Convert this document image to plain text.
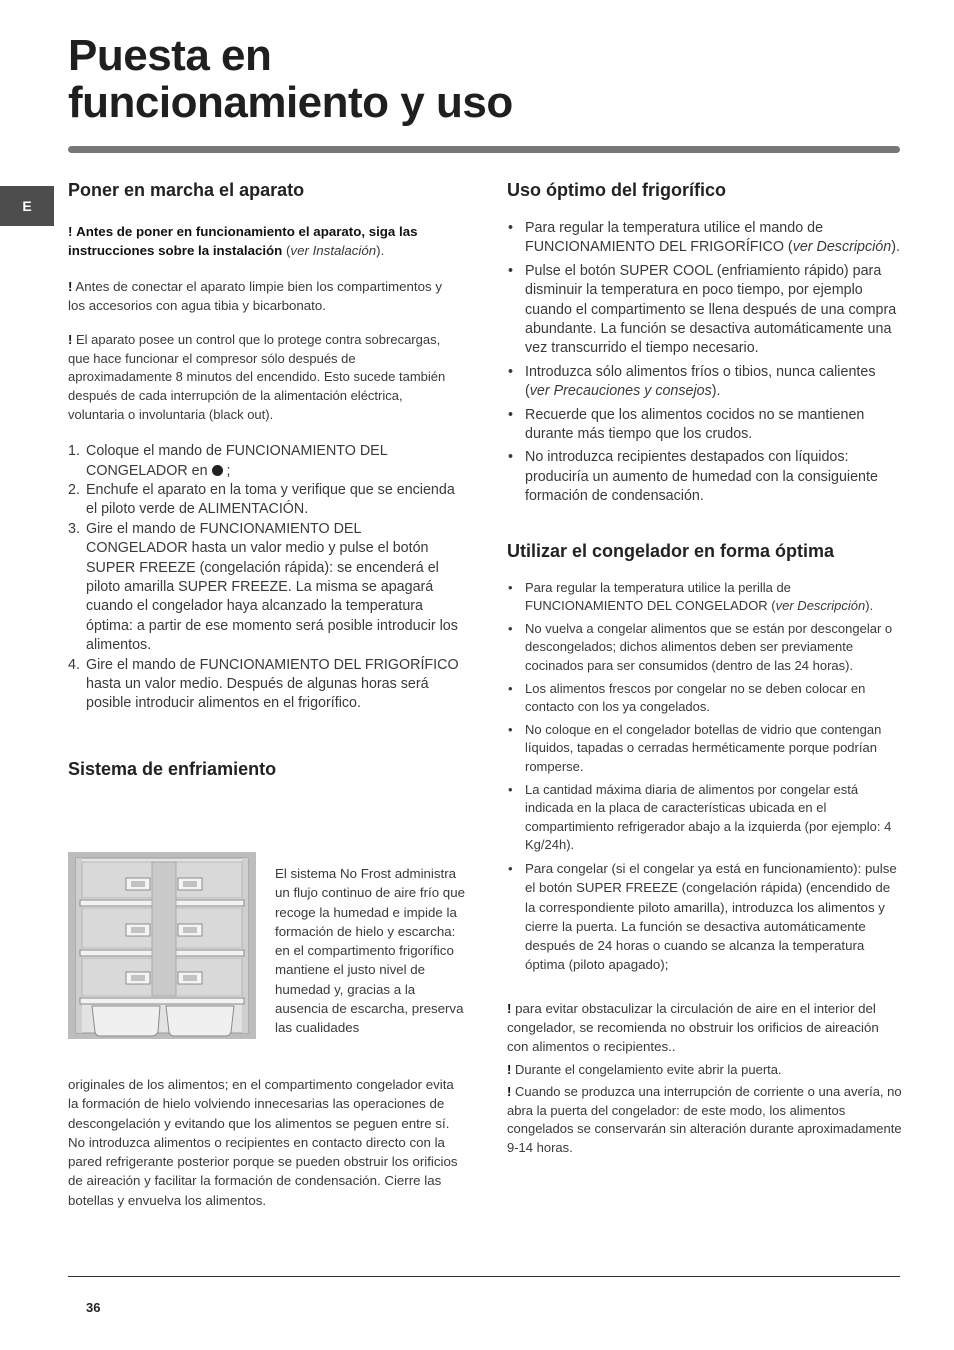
Puesta en
funcionamiento y uso
E
Poner en marcha el aparato

! Antes de poner en funcionamiento el aparato, siga las instrucciones sobre la instalación (ver Instalación).

! Antes de conectar el aparato limpie bien los compartimentos y los accesorios con agua tibia y bicarbonato.

! El aparato posee un control que lo protege contra sobrecargas, que hace funcionar el compresor sólo después de aproximadamente 8 minutos del encendido. Esto sucede también después de cada interrupción de la alimentación eléctrica, voluntaria o involuntaria (black out).

1. Coloque el mando de FUNCIONAMIENTO DEL CONGELADOR en  ;
2. Enchufe el aparato en la toma y verifique que se encienda el piloto verde de ALIMENTACIÓN.
3. Gire el mando de FUNCIONAMIENTO DEL CONGELADOR hasta un valor medio y pulse el botón SUPER FREEZE (congelación rápida): se encenderá el piloto amarilla SUPER FREEZE. La misma se apagará cuando el congelador haya alcanzado la temperatura óptima: a partir de ese momento será posible introducir los alimentos.
4. Gire el mando de FUNCIONAMIENTO DEL FRIGORÍFICO hasta un valor medio. Después de algunas horas será posible introducir alimentos en el frigorífico.
Sistema de enfriamiento

El sistema No Frost administra un flujo continuo de aire frío que recoge la humedad e impide la formación de hielo y escarcha: en el compartimento frigorífico mantiene el justo nivel de humedad y, gracias a la ausencia de escarcha, preserva las cualidades

originales de los alimentos; en el compartimento congelador evita la formación de hielo volviendo innecesarias las operaciones de descongelación y evitando que los alimentos se peguen entre sí. No introduzca alimentos o recipientes en contacto directo con la pared refrigerante posterior porque se pueden obstruir los orificios de aireación y facilitar la formación de condensación. Cierre las botellas y envuelva los alimentos.

Uso óptimo del frigorífico
• Para regular la temperatura utilice el mando de FUNCIONAMIENTO DEL FRIGORÍFICO (ver Descripción).
• Pulse el botón SUPER COOL (enfriamiento rápido) para disminuir la temperatura en poco tiempo, por ejemplo cuando el compartimento se llena después de una compra abundante. La función se desactiva automáticamente una vez transcurrido el tiempo necesario.
• Introduzca sólo alimentos fríos o tibios, nunca calientes (ver Precauciones y consejos).
• Recuerde que los alimentos cocidos no se mantienen durante más tiempo que los crudos.
• No introduzca recipientes destapados con líquidos: produciría un aumento de humedad con la consiguiente formación de condensación.
Utilizar el congelador en forma óptima
• Para regular la temperatura utilice la perilla de FUNCIONAMIENTO DEL CONGELADOR (ver Descripción).
• No vuelva a congelar alimentos que se están por descongelar o descongelados; dichos alimentos deben ser previamente cocinados para ser consumidos (dentro de las 24 horas).
• Los alimentos frescos por congelar no se deben colocar en contacto con los ya congelados.
• No coloque en el congelador botellas de vidrio que contengan líquidos, tapadas o cerradas herméticamente porque podrían romperse.
• La cantidad máxima diaria de alimentos por congelar está indicada en la placa de características ubicada en el compartimiento refrigerador abajo a la izquierda (por ejemplo: 4 Kg/24h).
• Para congelar (si el congelar ya está en funcionamiento): pulse el botón SUPER FREEZE (congelación rápida) (encendido de la correspondiente piloto amarilla), introduzca los alimentos y cierre la puerta. La función se desactiva automáticamente después de 24 horas o cuando se alcanza la temperatura óptima (piloto apagado);

! para evitar obstaculizar la circulación de aire en el interior del congelador, se recomienda no obstruir los orificios de aireación con alimentos o recipientes..

! Durante el congelamiento evite abrir la puerta.

! Cuando se produzca una interrupción de corriente o una avería, no abra la puerta del congelador: de este modo, los alimentos congelados se conservarán sin alteración durante aproximadamente 9-14 horas.

36
